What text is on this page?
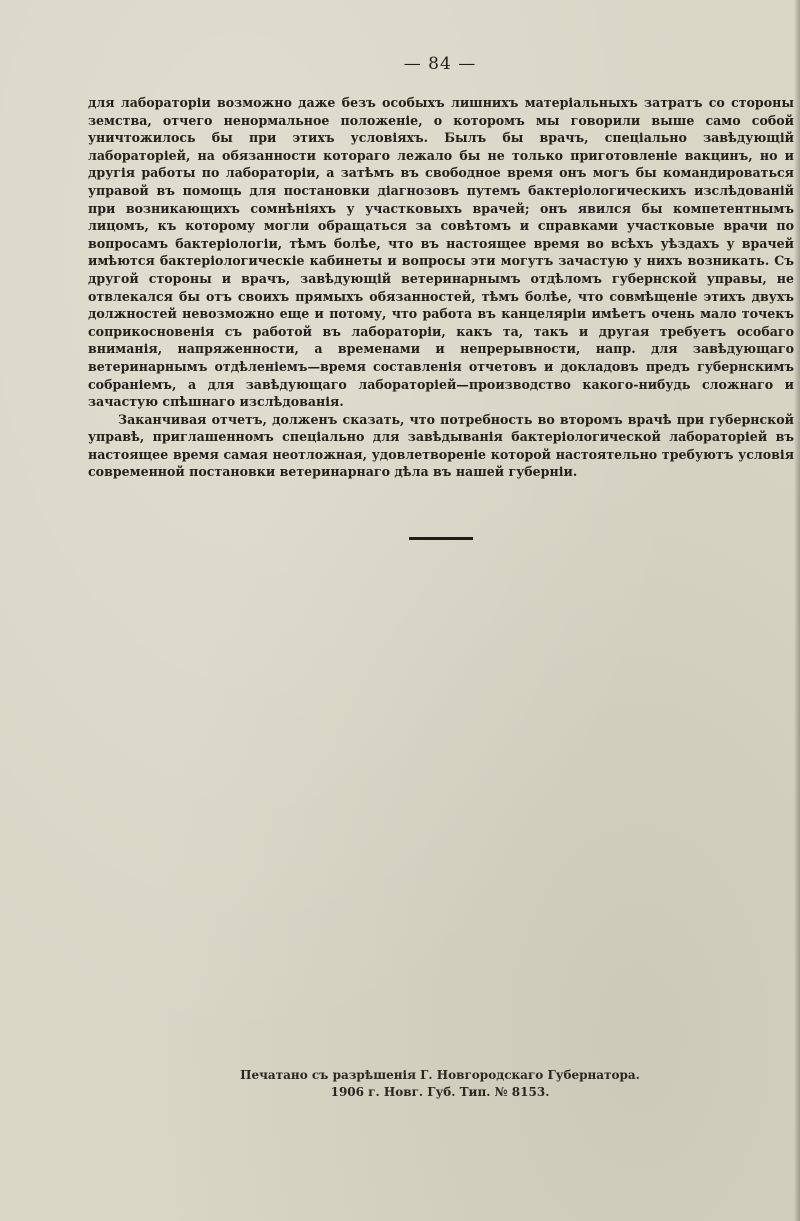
— 84 —

для лабораторіи возможно даже безъ особыхъ лишнихъ матеріальныхъ затратъ со стороны земства, отчего ненормальное положеніе, о которомъ мы говорили выше само собой уничтожилось бы при этихъ условіяхъ. Былъ бы врачъ, спеціально завѣдующій лабораторіей, на обязанности котораго лежало бы не только приготовленіе вакцинъ, но и другія работы по лабораторіи, а затѣмъ въ свободное время онъ могъ бы командироваться управой въ помощь для постановки діагнозовъ путемъ бактеріологическихъ изслѣдованій при возникающихъ сомнѣніяхъ у участковыхъ врачей; онъ явился бы компетентнымъ лицомъ, къ которому могли обращаться за совѣтомъ и справками участковые врачи по вопросамъ бактеріологіи, тѣмъ болѣе, что въ настоящее время во всѣхъ уѣздахъ у врачей имѣются бактеріологическіе кабинеты и вопросы эти могутъ зачастую у нихъ возникать. Съ другой стороны и врачъ, завѣдующій ветеринарнымъ отдѣломъ губернской управы, не отвлекался бы отъ своихъ прямыхъ обязанностей, тѣмъ болѣе, что совмѣщеніе этихъ двухъ должностей невозможно еще и потому, что работа въ канцеляріи имѣетъ очень мало точекъ соприкосновенія съ работой въ лабораторіи, какъ та, такъ и другая требуетъ особаго вниманія, напряженности, а временами и непрерывности, напр. для завѣдующаго ветеринарнымъ отдѣленіемъ—время составленія отчетовъ и докладовъ предъ губернскимъ собраніемъ, а для завѣдующаго лабораторіей—производство какого-нибудь сложнаго и зачастую спѣшнаго изслѣдованія.

Заканчивая отчетъ, долженъ сказать, что потребность во второмъ врачѣ при губернской управѣ, приглашенномъ спеціально для завѣдыванія бактеріологической лабораторіей въ настоящее время самая неотложная, удовлетвореніе которой настоятельно требуютъ условія современной постановки ветеринарнаго дѣла въ нашей губерніи.

Печатано съ разрѣшенія Г. Новгородскаго Губернатора.
1906 г. Новг. Губ. Тип. № 8153.
